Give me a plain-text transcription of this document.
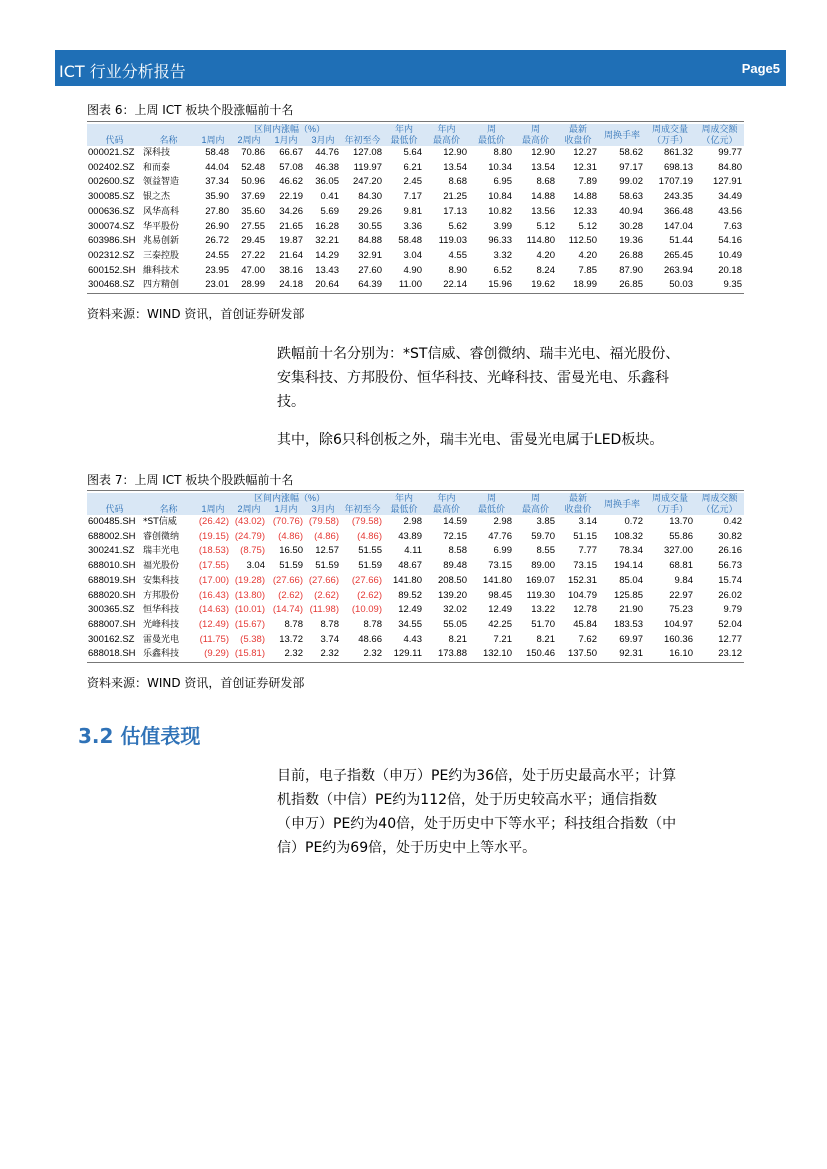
ICT 行业分析报告	Page5
图表 6：上周 ICT 板块个股涨幅前十名
		区间内涨幅（%）					年内	年内	周	周	最新	周换手率	周成交量	周成交额
代码	名称	1周内	2周内	1月内	3月内	年初至今	最低价	最高价	最低价	最高价	收盘价		（万手）	（亿元）
000021.SZ	深科技	58.48	70.86	66.67	44.76	127.08	5.64	12.90	8.80	12.90	12.27	58.62	861.32	99.77
002402.SZ	和而泰	44.04	52.48	57.08	46.38	119.97	6.21	13.54	10.34	13.54	12.31	97.17	698.13	84.80
002600.SZ	领益智造	37.34	50.96	46.62	36.05	247.20	2.45	8.68	6.95	8.68	7.89	99.02	1707.19	127.91
300085.SZ	银之杰	35.90	37.69	22.19	0.41	84.30	7.17	21.25	10.84	14.88	14.88	58.63	243.35	34.49
000636.SZ	风华高科	27.80	35.60	34.26	5.69	29.26	9.81	17.13	10.82	13.56	12.33	40.94	366.48	43.56
300074.SZ	华平股份	26.90	27.55	21.65	16.28	30.55	3.36	5.62	3.99	5.12	5.12	30.28	147.04	7.63
603986.SH	兆易创新	26.72	29.45	19.87	32.21	84.88	58.48	119.03	96.33	114.80	112.50	19.36	51.44	54.16
002312.SZ	三泰控股	24.55	27.22	21.64	14.29	32.91	3.04	4.55	3.32	4.20	4.20	26.88	265.45	10.49
600152.SH	維科技术	23.95	47.00	38.16	13.43	27.60	4.90	8.90	6.52	8.24	7.85	87.90	263.94	20.18
300468.SZ	四方精创	23.01	28.99	24.18	20.64	64.39	11.00	22.14	15.96	19.62	18.99	26.85	50.03	9.35
资料来源：WIND 资讯，首创证券研发部
跌幅前十名分别为：*ST信威、睿创微纳、瑞丰光电、福光股份、
安集科技、方邦股份、恒华科技、光峰科技、雷曼光电、乐鑫科
技。
其中，除6只科创板之外，瑞丰光电、雷曼光电属于LED板块。
图表 7：上周 ICT 板块个股跌幅前十名
		区间内涨幅（%）					年内	年内	周	周	最新	周换手率	周成交量	周成交额
代码	名称	1周内	2周内	1月内	3月内	年初至今	最低价	最高价	最低价	最高价	收盘价		（万手）	（亿元）
600485.SH	*ST信威	(26.42)	(43.02)	(70.76)	(79.58)	(79.58)	2.98	14.59	2.98	3.85	3.14	0.72	13.70	0.42
688002.SH	睿创微纳	(19.15)	(24.79)	(4.86)	(4.86)	(4.86)	43.89	72.15	47.76	59.70	51.15	108.32	55.86	30.82
300241.SZ	瑞丰光电	(18.53)	(8.75)	16.50	12.57	51.55	4.11	8.58	6.99	8.55	7.77	78.34	327.00	26.16
688010.SH	福光股份	(17.55)	3.04	51.59	51.59	51.59	48.67	89.48	73.15	89.00	73.15	194.14	68.81	56.73
688019.SH	安集科技	(17.00)	(19.28)	(27.66)	(27.66)	(27.66)	141.80	208.50	141.80	169.07	152.31	85.04	9.84	15.74
688020.SH	方邦股份	(16.43)	(13.80)	(2.62)	(2.62)	(2.62)	89.52	139.20	98.45	119.30	104.79	125.85	22.97	26.02
300365.SZ	恒华科技	(14.63)	(10.01)	(14.74)	(11.98)	(10.09)	12.49	32.02	12.49	13.22	12.78	21.90	75.23	9.79
688007.SH	光峰科技	(12.49)	(15.67)	8.78	8.78	8.78	34.55	55.05	42.25	51.70	45.84	183.53	104.97	52.04
300162.SZ	雷曼光电	(11.75)	(5.38)	13.72	3.74	48.66	4.43	8.21	7.21	8.21	7.62	69.97	160.36	12.77
688018.SH	乐鑫科技	(9.29)	(15.81)	2.32	2.32	2.32	129.11	173.88	132.10	150.46	137.50	92.31	16.10	23.12
资料来源：WIND 资讯，首创证券研发部
3.2 估值表现
目前，电子指数（申万）PE约为36倍，处于历史最高水平；计算
机指数（中信）PE约为112倍，处于历史较高水平；通信指数
（申万）PE约为40倍，处于历史中下等水平；科技组合指数（中
信）PE约为69倍，处于历史中上等水平。
